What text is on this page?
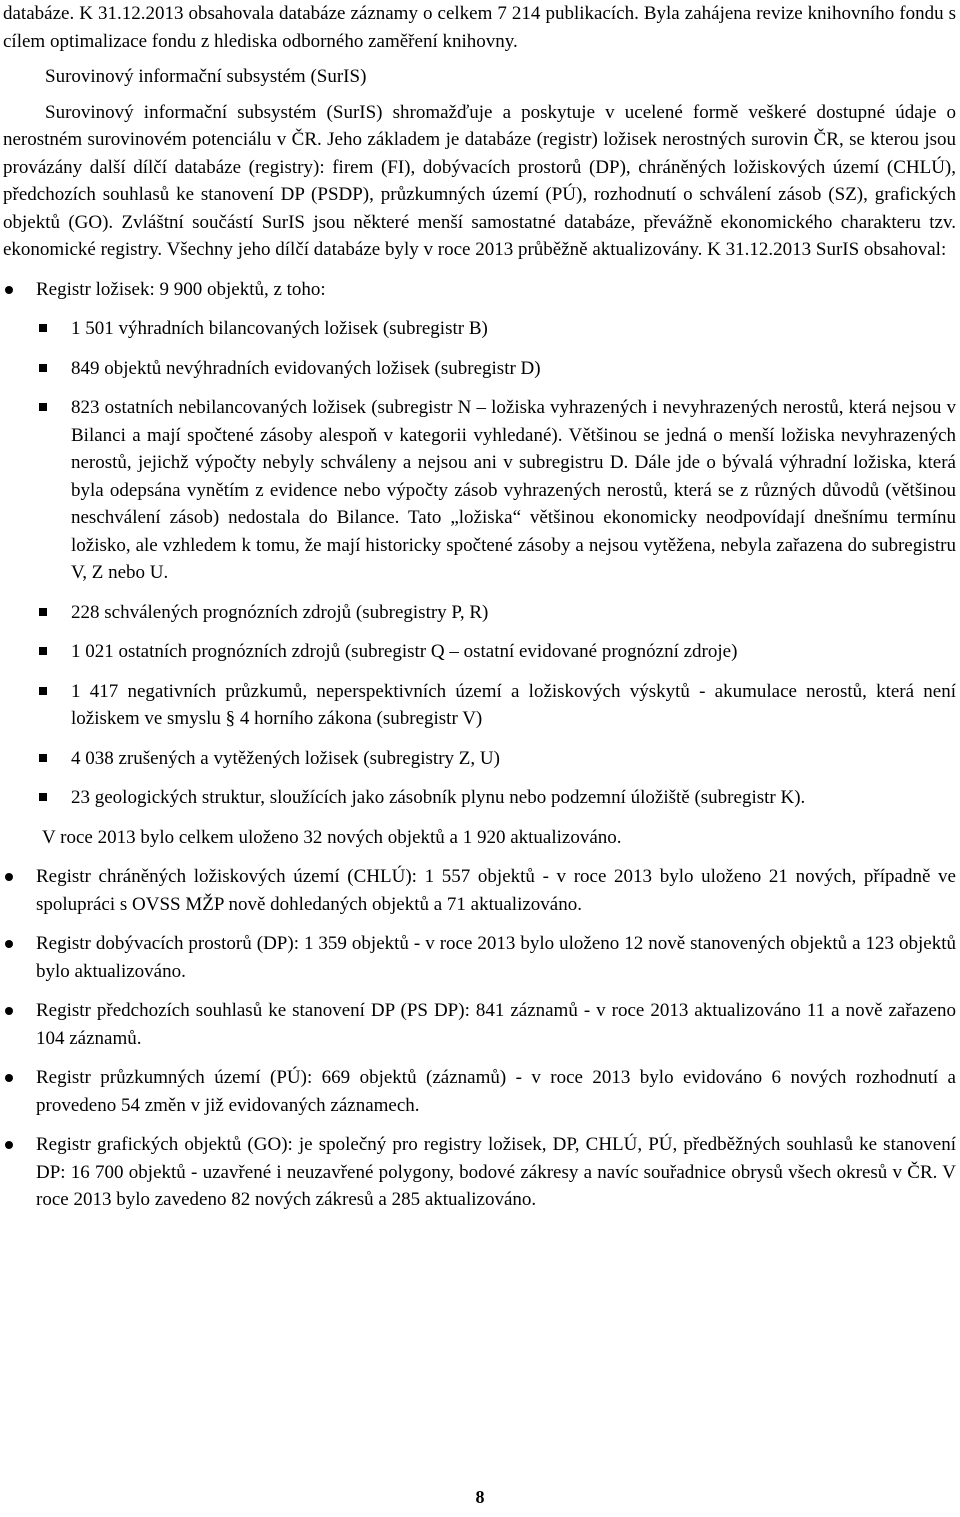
databáze. K 31.12.2013 obsahovala databáze záznamy o celkem 7 214 publikacích. Byla zahájena revize knihovního fondu s cílem optimalizace fondu z hlediska odborného zaměření knihovny.

Surovinový informační subsystém (SurIS)

Surovinový informační subsystém (SurIS) shromažďuje a poskytuje v ucelené formě veškeré dostupné údaje o nerostném surovinovém potenciálu v ČR. Jeho základem je databáze (registr) ložisek nerostných surovin ČR, se kterou jsou provázány další dílčí databáze (registry): firem (FI), dobývacích prostorů (DP), chráněných ložiskových území (CHLÚ), předchozích souhlasů ke stanovení DP (PSDP), průzkumných území (PÚ), rozhodnutí o schválení zásob (SZ), grafických objektů (GO). Zvláštní součástí SurIS jsou některé menší samostatné databáze, převážně ekonomického charakteru tzv. ekonomické registry. Všechny jeho dílčí databáze byly v roce 2013 průběžně aktualizovány. K 31.12.2013 SurIS obsahoval:

Registr ložisek: 9 900 objektů, z toho:
1 501 výhradních bilancovaných ložisek (subregistr B)
849 objektů nevýhradních evidovaných ložisek (subregistr D)
823 ostatních nebilancovaných ložisek (subregistr N – ložiska vyhrazených i nevyhrazených nerostů, která nejsou v Bilanci a mají spočtené zásoby alespoň v kategorii vyhledané). Většinou se jedná o menší ložiska nevyhrazených nerostů, jejichž výpočty nebyly schváleny a nejsou ani v subregistru D. Dále jde o bývalá výhradní ložiska, která byla odepsána vynětím z evidence nebo výpočty zásob vyhrazených nerostů, která se z různých důvodů (většinou neschválení zásob) nedostala do Bilance. Tato „ložiska“ většinou ekonomicky neodpovídají dnešnímu termínu ložisko, ale vzhledem k tomu, že mají historicky spočtené zásoby a nejsou vytěžena, nebyla zařazena do subregistru V, Z nebo U.
228 schválených prognózních zdrojů (subregistry P, R)
1 021 ostatních prognózních zdrojů (subregistr Q – ostatní evidované prognózní zdroje)
1 417 negativních průzkumů, neperspektivních území a ložiskových výskytů - akumulace nerostů, která není ložiskem ve smyslu § 4 horního zákona (subregistr V)
4 038 zrušených a vytěžených ložisek (subregistry Z, U)
23 geologických struktur, sloužících jako zásobník plynu nebo podzemní úložiště (subregistr K).

V roce 2013 bylo celkem uloženo 32 nových objektů a 1 920 aktualizováno.

Registr chráněných ložiskových území (CHLÚ): 1 557 objektů - v roce 2013 bylo uloženo 21 nových, případně ve spolupráci s OVSS MŽP nově dohledaných objektů a 71 aktualizováno.
Registr dobývacích prostorů (DP): 1 359 objektů - v roce 2013 bylo uloženo 12 nově stanovených objektů a 123 objektů bylo aktualizováno.
Registr předchozích souhlasů ke stanovení DP (PS DP): 841 záznamů - v roce 2013 aktualizováno 11 a nově zařazeno 104 záznamů.
Registr průzkumných území (PÚ): 669 objektů (záznamů) - v roce 2013 bylo evidováno 6 nových rozhodnutí a provedeno 54 změn v již evidovaných záznamech.
Registr grafických objektů (GO): je společný pro registry ložisek, DP, CHLÚ, PÚ, předběžných souhlasů ke stanovení DP: 16 700 objektů - uzavřené i neuzavřené polygony, bodové zákresy a navíc souřadnice obrysů všech okresů v ČR. V roce 2013 bylo zavedeno 82 nových zákresů a 285 aktualizováno.
8
